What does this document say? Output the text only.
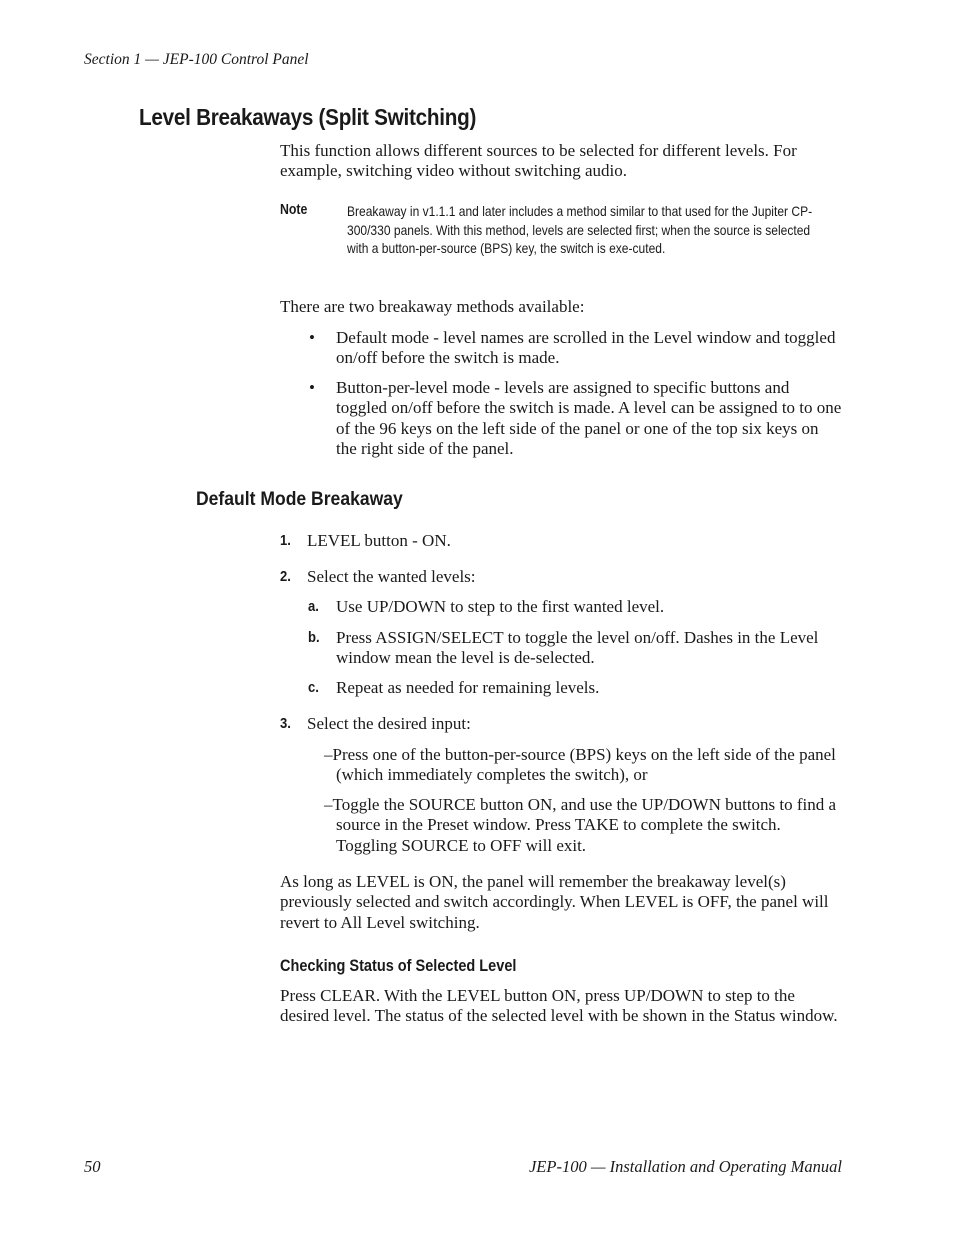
Section 1 — JEP-100 Control Panel
Level Breakaways (Split Switching)

This function allows different sources to be selected for different levels. For example, switching video without switching audio.

Note	Breakaway in v1.1.1 and later includes a method similar to that used for the Jupiter CP-300/330 panels. With this method, levels are selected first; when the source is selected with a button-per-source (BPS) key, the switch is exe-cuted.

There are two breakaway methods available:

• Default mode - level names are scrolled in the Level window and toggled on/off before the switch is made.

• Button-per-level mode - levels are assigned to specific buttons and toggled on/off before the switch is made. A level can be assigned to to one of the 96 keys on the left side of the panel or one of the top six keys on the right side of the panel.

Default Mode Breakaway
1. LEVEL button - ON.

2. Select the wanted levels:

a. Use UP/DOWN to step to the first wanted level.

b. Press ASSIGN/SELECT to toggle the level on/off. Dashes in the Level window mean the level is de-selected.

c. Repeat as needed for remaining levels.

3. Select the desired input:

–Press one of the button-per-source (BPS) keys on the left side of the panel (which immediately completes the switch), or

–Toggle the SOURCE button ON, and use the UP/DOWN buttons to find a source in the Preset window. Press TAKE to complete the switch. Toggling SOURCE to OFF will exit.

As long as LEVEL is ON, the panel will remember the breakaway level(s) previously selected and switch accordingly. When LEVEL is OFF, the panel will revert to All Level switching.

Checking Status of Selected Level

Press CLEAR. With the LEVEL button ON, press UP/DOWN to step to the desired level. The status of the selected level with be shown in the Status window.

50	JEP-100 — Installation and Operating Manual
